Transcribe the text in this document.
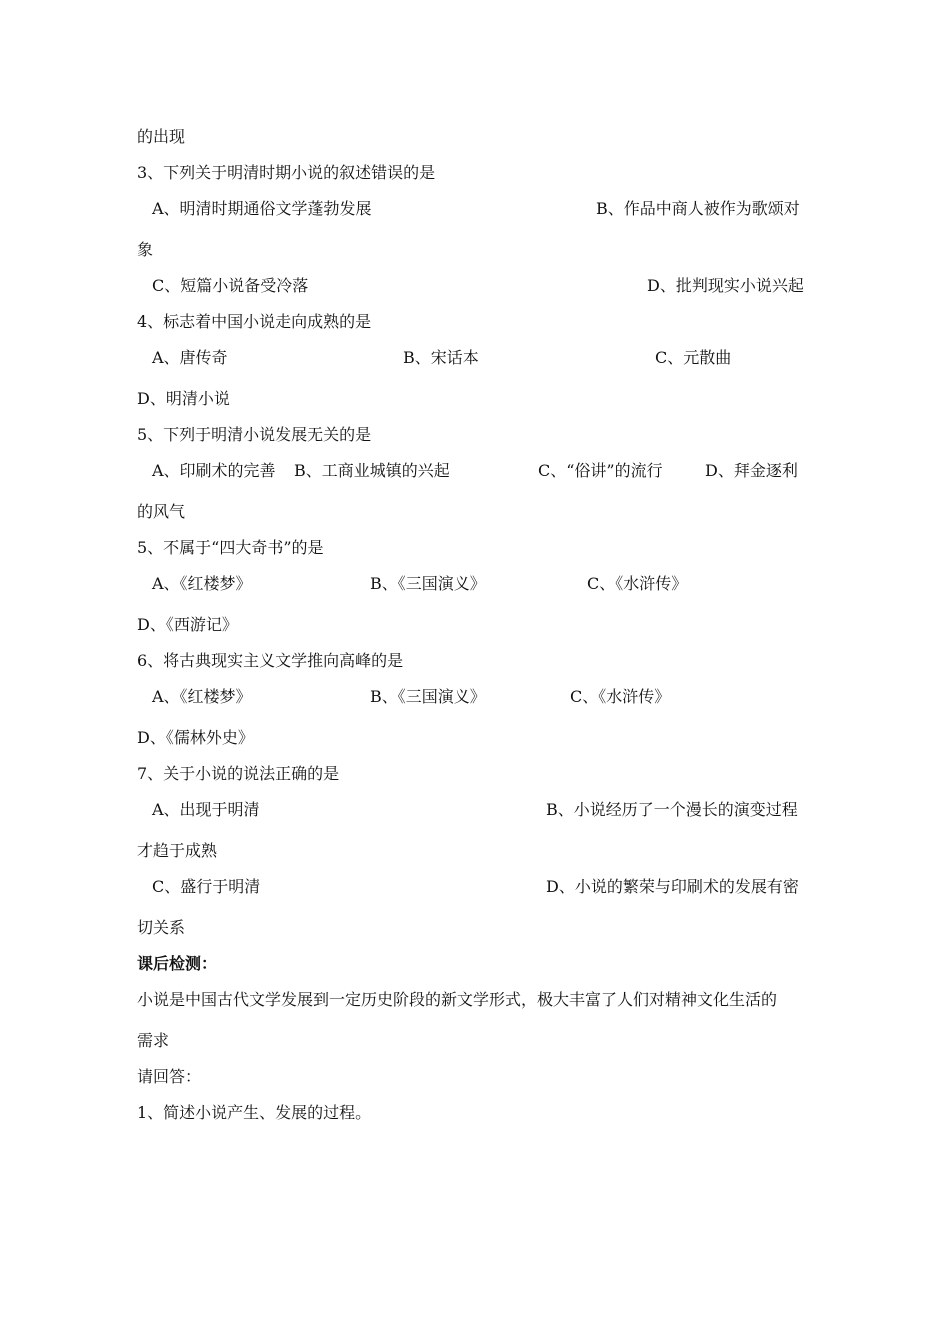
的出现
3、下列关于明清时期小说的叙述错误的是
A、明清时期通俗文学蓬勃发展	B、作品中商人被作为歌颂对
象
C、短篇小说备受冷落	D、批判现实小说兴起
4、标志着中国小说走向成熟的是
A、唐传奇	B、宋话本	C、元散曲
D、明清小说
5、下列于明清小说发展无关的是
A、印刷术的完善 B、工商业城镇的兴起	C、“俗讲”的流行	D、拜金逐利
的风气
5、不属于“四大奇书”的是
A、《红楼梦》	B、《三国演义》	C、《水浒传》
D、《西游记》
6、将古典现实主义文学推向高峰的是
A、《红楼梦》	B、《三国演义》	C、《水浒传》
D、《儒林外史》
7、关于小说的说法正确的是
A、出现于明清	B、小说经历了一个漫长的演变过程
才趋于成熟
C、盛行于明清	D、小说的繁荣与印刷术的发展有密
切关系
课后检测：
小说是中国古代文学发展到一定历史阶段的新文学形式，极大丰富了人们对精神文化生活的
需求
请回答：
1、简述小说产生、发展的过程。
